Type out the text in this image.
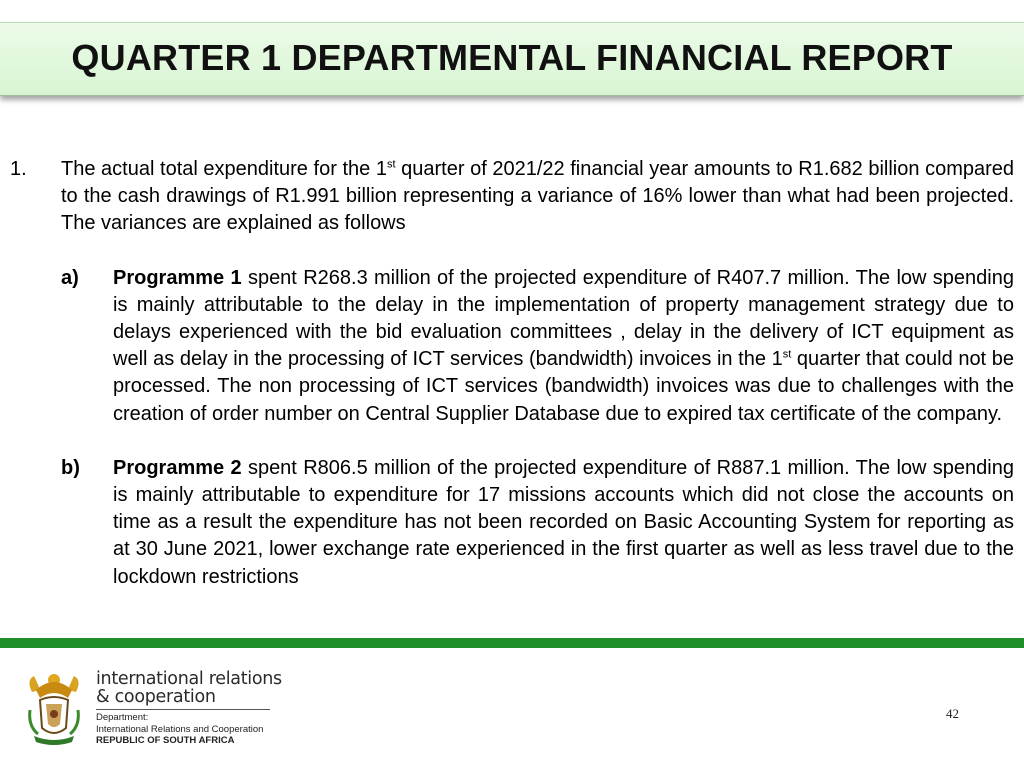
QUARTER 1 DEPARTMENTAL FINANCIAL REPORT
1.	The actual total expenditure for the 1st quarter of 2021/22 financial year amounts to R1.682 billion compared to the cash drawings of R1.991 billion representing a variance of 16% lower than what had been projected. The variances are explained as follows
a)	Programme 1 spent R268.3 million of the projected expenditure of R407.7 million. The low spending is mainly attributable to the delay in the implementation of property management strategy due to delays experienced with the bid evaluation committees , delay in the delivery of ICT equipment as well as delay in the processing of ICT services (bandwidth) invoices in the 1st quarter that could not be processed. The non processing of ICT services (bandwidth) invoices was due to challenges with the creation of order number on Central Supplier Database due to expired tax certificate of the company.
b)	Programme 2 spent R806.5 million of the projected expenditure of R887.1 million. The low spending is mainly attributable to expenditure for 17 missions accounts which did not close the accounts on time as a result the expenditure has not been recorded on Basic Accounting System for reporting as at 30 June 2021, lower exchange rate experienced in the first quarter as well as less travel due to the lockdown restrictions
international relations
& cooperation
Department:
International Relations and Cooperation
REPUBLIC OF SOUTH AFRICA
42
